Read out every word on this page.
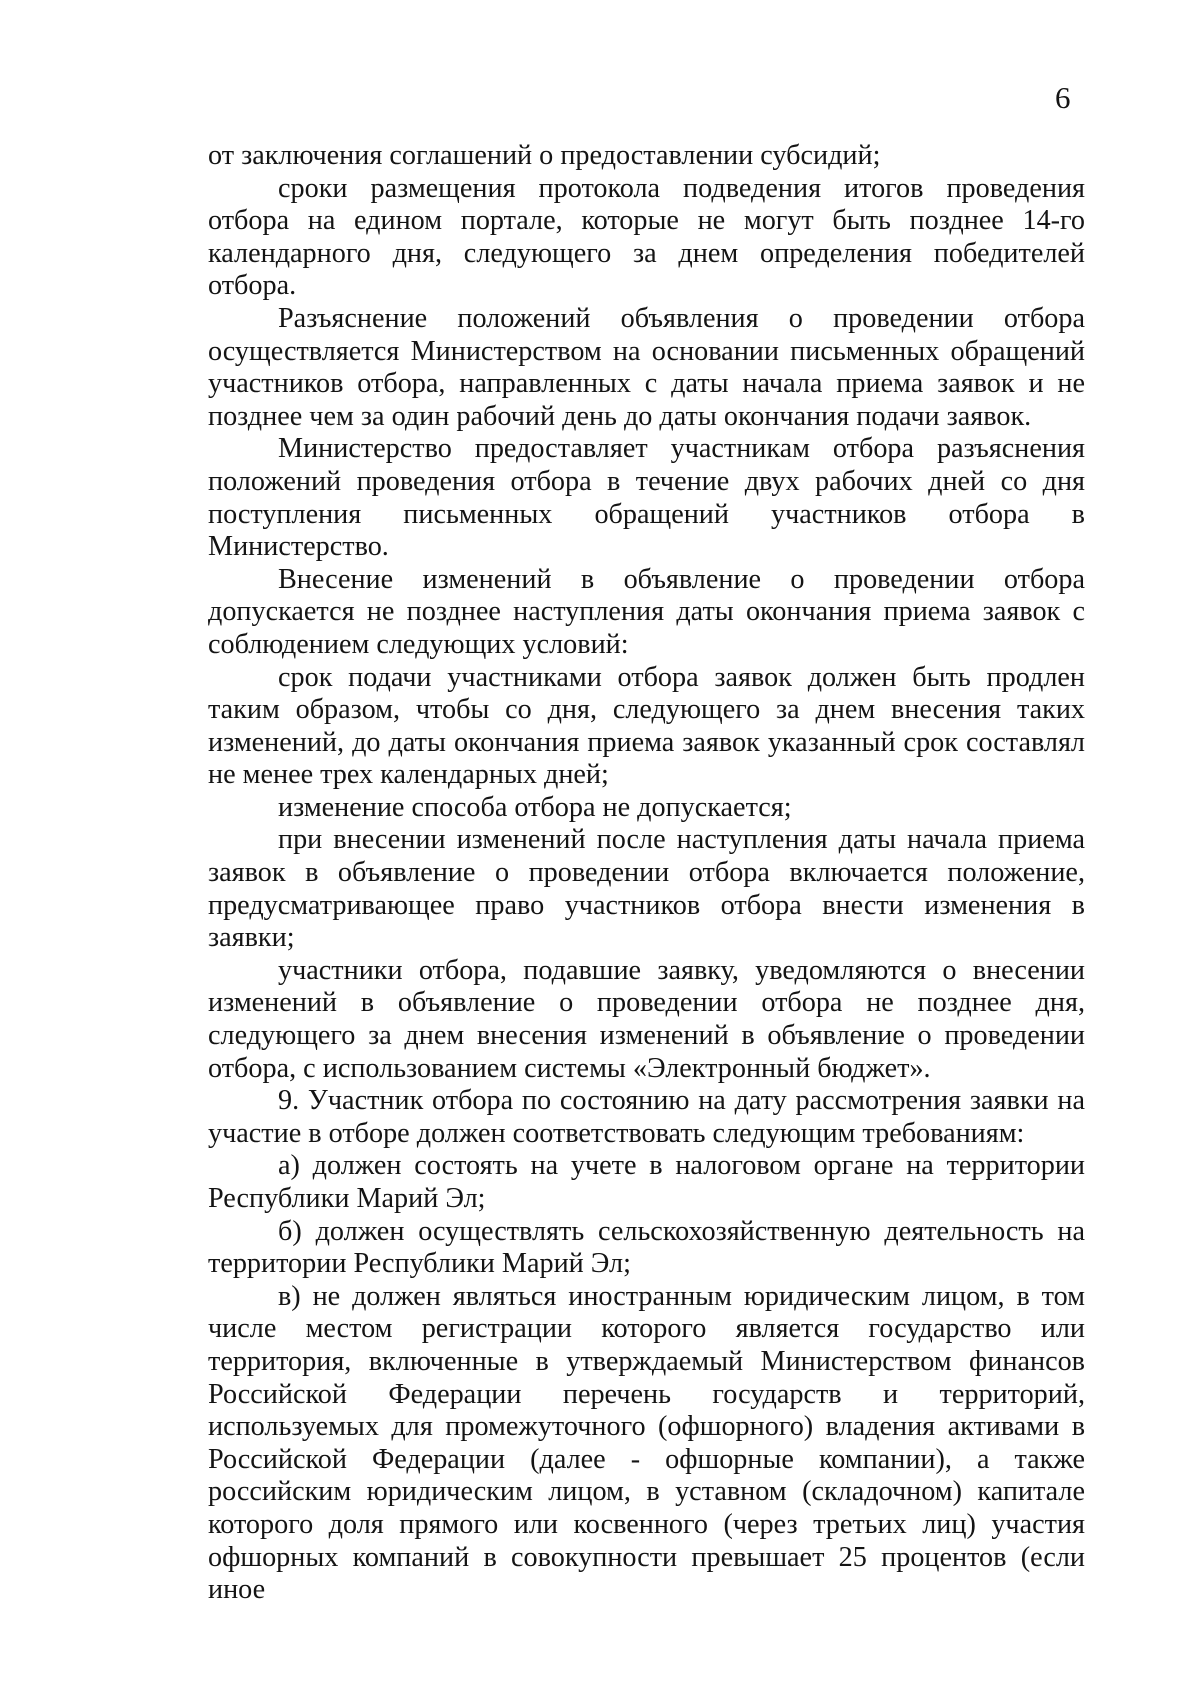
6

от заключения соглашений о предоставлении субсидий;

сроки размещения протокола подведения итогов проведения отбора на едином портале, которые не могут быть позднее 14-го календарного дня, следующего за днем определения победителей отбора.

Разъяснение положений объявления о проведении отбора осуществляется Министерством на основании письменных обращений участников отбора, направленных с даты начала приема заявок и не позднее чем за один рабочий день до даты окончания подачи заявок.

Министерство предоставляет участникам отбора разъяснения положений проведения отбора в течение двух рабочих дней со дня поступления письменных обращений участников отбора в Министерство.

Внесение изменений в объявление о проведении отбора допускается не позднее наступления даты окончания приема заявок с соблюдением следующих условий:

срок подачи участниками отбора заявок должен быть продлен таким образом, чтобы со дня, следующего за днем внесения таких изменений, до даты окончания приема заявок указанный срок составлял не менее трех календарных дней;

изменение способа отбора не допускается;

при внесении изменений после наступления даты начала приема заявок в объявление о проведении отбора включается положение, предусматривающее право участников отбора внести изменения в заявки;

участники отбора, подавшие заявку, уведомляются о внесении изменений в объявление о проведении отбора не позднее дня, следующего за днем внесения изменений в объявление о проведении отбора, с использованием системы «Электронный бюджет».

9. Участник отбора по состоянию на дату рассмотрения заявки на участие в отборе должен соответствовать следующим требованиям:

а) должен состоять на учете в налоговом органе на территории Республики Марий Эл;

б) должен осуществлять сельскохозяйственную деятельность на территории Республики Марий Эл;

в) не должен являться иностранным юридическим лицом, в том числе местом регистрации которого является государство или территория, включенные в утверждаемый Министерством финансов Российской Федерации перечень государств и территорий, используемых для промежуточного (офшорного) владения активами в Российской Федерации (далее - офшорные компании), а также российским юридическим лицом, в уставном (складочном) капитале которого доля прямого или косвенного (через третьих лиц) участия офшорных компаний в совокупности превышает 25 процентов (если иное
